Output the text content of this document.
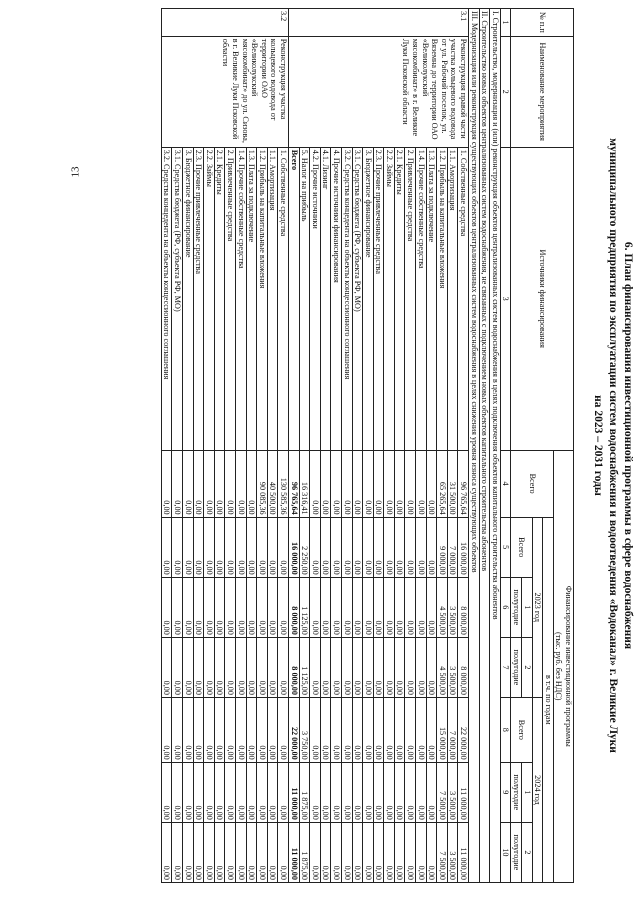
13
6. План финансирования инвестиционной программы в сфере водоснабжения
муниципального предприятия по эксплуатации систем водоснабжения и водоотведения «Водоканал» г. Великие Луки
на 2023 – 2031 годы
№ п.п	Наименование мероприятия	Источники финансирования	Финансирование инвестиционной программы
(тыс. руб. без НДС)						

			Всего	в т.ч. по годам					
				2023 год			2024 год		
				Всего	1	2	Всего	1	2
					полугодие	полугодие		полугодие	полугодие
1	2	3	4	5	6	7	8	9	10
I. Строительство, модернизация и (или) реконструкция объектов централизованных систем водоснабжения в целях подключения объектов капитального строительства абонентов									
II. Строительство новых объектов централизованных систем водоснабжения, не связанных с подключением новых объектов капитального строительства абонентов									
III. Модернизация или реконструкция существующих объектов централизованных систем водоснабжения в целях снижения уровня износа существующих объектов									
3.1	Реконструкция правой части участка кольцевого водовода от ул. Рабочий поселок, ул. Вяземна до территории ОАО «Великолукский мясокомбинат» в г. Великие Луки Псковской области	1. Собственные средства	96 765,64	16 000,00	8 000,00	8 000,00	22 000,00	11 000,00	11 000,00
		1.1. Амортизация	31 500,00	7 000,00	3 500,00	3 500,00	7 000,00	3 500,00	3 500,00
		1.2. Прибыль на капитальные вложения	65 265,64	9 000,00	4 500,00	4 500,00	15 000,00	7 500,00	7 500,00
		1.3. Плата за подключение	0,00	0,00	0,00	0,00	0,00	0,00	0,00
		1.4. Прочие собственные средства	0,00	0,00	0,00	0,00	0,00	0,00	0,00
		2. Привлеченные средства	0,00	0,00	0,00	0,00	0,00	0,00	0,00
		2.1. Кредиты	0,00	0,00	0,00	0,00	0,00	0,00	0,00
		2.2. Займы	0,00	0,00	0,00	0,00	0,00	0,00	0,00
		2.3. Прочие привлеченные средства	0,00	0,00	0,00	0,00	0,00	0,00	0,00
		3. Бюджетное финансирование	0,00	0,00	0,00	0,00	0,00	0,00	0,00
		3.1. Средства бюджета (РФ, субъекта РФ, МО)	0,00	0,00	0,00	0,00	0,00	0,00	0,00
		3.2. Средства концедента на объекты концессионного соглашения	0,00	0,00	0,00	0,00	0,00	0,00	0,00
		4. Прочие источники финансирования	0,00	0,00	0,00	0,00	0,00	0,00	0,00
		4.1. Лизинг	0,00	0,00	0,00	0,00	0,00	0,00	0,00
		4.2. Прочие источники	0,00	0,00	0,00	0,00	0,00	0,00	0,00
		5. Налог на прибыль	16 316,41	2 250,00	1 125,00	1 125,00	3 750,00	1 875,00	1 875,00
		Всего	96 765,64	16 000,00	8 000,00	8 000,00	22 000,00	11 000,00	11 000,00
3.2	Реконструкция участка кольцевого водовода от территории ОАО «Великолукский мясокомбинат» до ул. Сизова, в г. Великие Луки Псковской области	1. Собственные средства	130 585,36	0,00	0,00	0,00	0,00	0,00	0,00
		1.1. Амортизация	40 500,00	0,00	0,00	0,00	0,00	0,00	0,00
		1.2. Прибыль на капитальные вложения	90 085,36	0,00	0,00	0,00	0,00	0,00	0,00
		1.3. Плата за подключение	0,00	0,00	0,00	0,00	0,00	0,00	0,00
		1.4. Прочие собственные средства	0,00	0,00	0,00	0,00	0,00	0,00	0,00
		2. Привлеченные средства	0,00	0,00	0,00	0,00	0,00	0,00	0,00
		2.1. Кредиты	0,00	0,00	0,00	0,00	0,00	0,00	0,00
		2.2. Займы	0,00	0,00	0,00	0,00	0,00	0,00	0,00
		2.3. Прочие привлеченные средства	0,00	0,00	0,00	0,00	0,00	0,00	0,00
		3. Бюджетное финансирование	0,00	0,00	0,00	0,00	0,00	0,00	0,00
		3.1. Средства бюджета (РФ, субъекта РФ, МО)	0,00	0,00	0,00	0,00	0,00	0,00	0,00
		3.2. Средства концедента на объекты концессионного соглашения	0,00	0,00	0,00	0,00	0,00	0,00	0,00
